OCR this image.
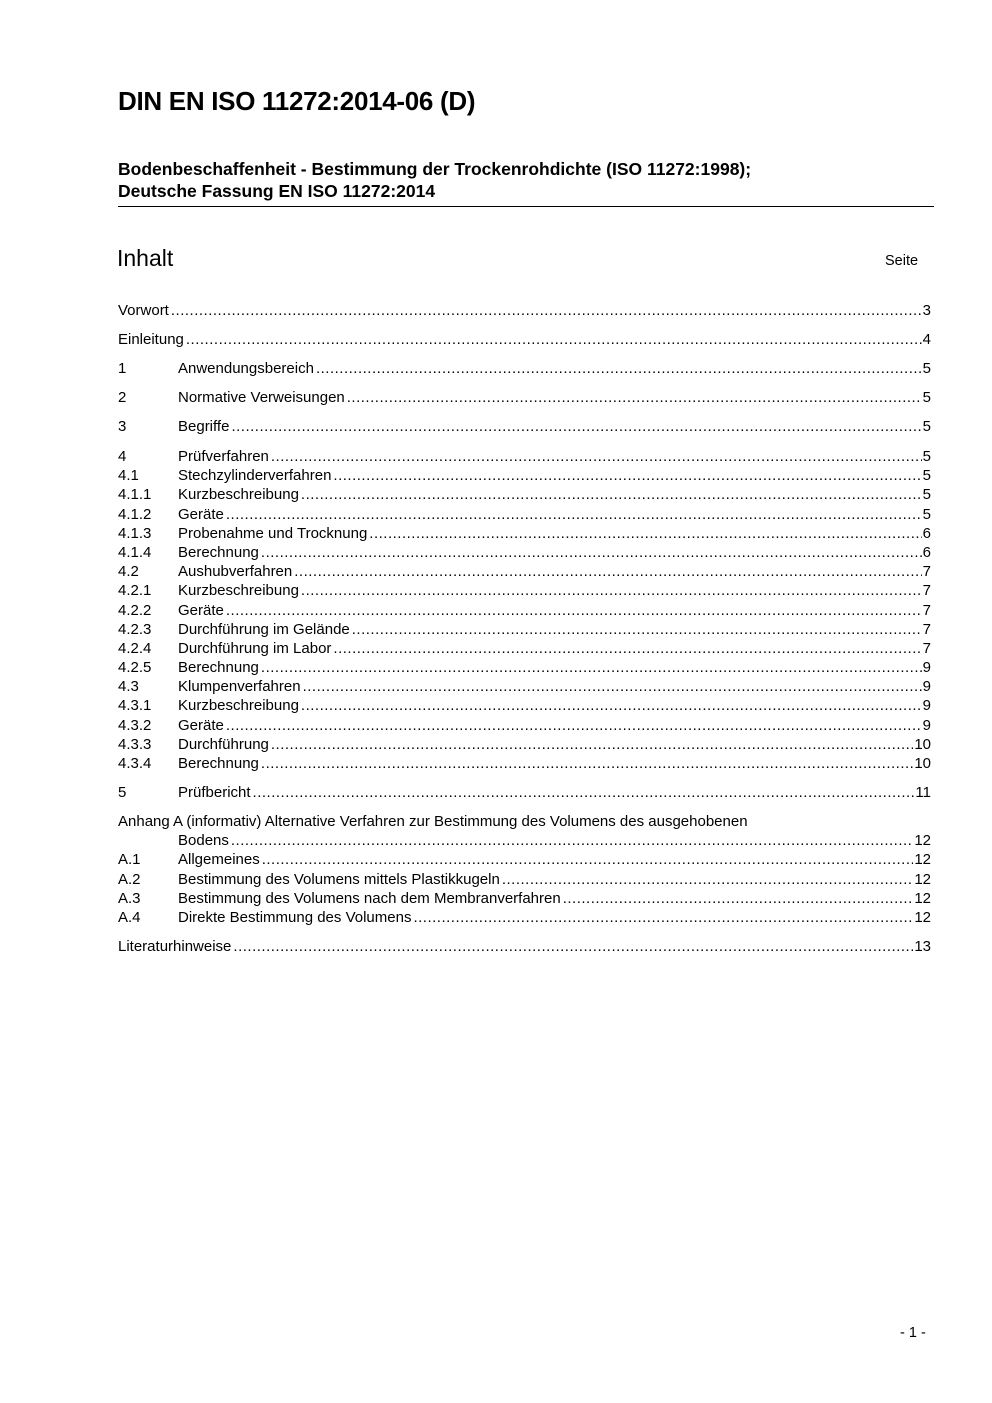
DIN EN ISO 11272:2014-06 (D)
Bodenbeschaffenheit - Bestimmung der Trockenrohdichte (ISO 11272:1998);
Deutsche Fassung EN ISO 11272:2014
Inhalt	Seite
Vorwort .....	3
Einleitung .....	4
1	Anwendungsbereich .....	5
2	Normative Verweisungen .....	5
3	Begriffe .....	5
4	Prüfverfahren .....	5
4.1	Stechzylinderverfahren .....	5
4.1.1	Kurzbeschreibung .....	5
4.1.2	Geräte .....	5
4.1.3	Probenahme und Trocknung .....	6
4.1.4	Berechnung .....	6
4.2	Aushubverfahren .....	7
4.2.1	Kurzbeschreibung .....	7
4.2.2	Geräte .....	7
4.2.3	Durchführung im Gelände .....	7
4.2.4	Durchführung im Labor .....	7
4.2.5	Berechnung .....	9
4.3	Klumpenverfahren .....	9
4.3.1	Kurzbeschreibung .....	9
4.3.2	Geräte .....	9
4.3.3	Durchführung .....	10
4.3.4	Berechnung .....	10
5	Prüfbericht .....	11
Anhang A (informativ) Alternative Verfahren zur Bestimmung des Volumens des ausgehobenen
Bodens .....	12
A.1	Allgemeines .....	12
A.2	Bestimmung des Volumens mittels Plastikkugeln .....	12
A.3	Bestimmung des Volumens nach dem Membranverfahren .....	12
A.4	Direkte Bestimmung des Volumens .....	12
Literaturhinweise .....	13
- 1 -
